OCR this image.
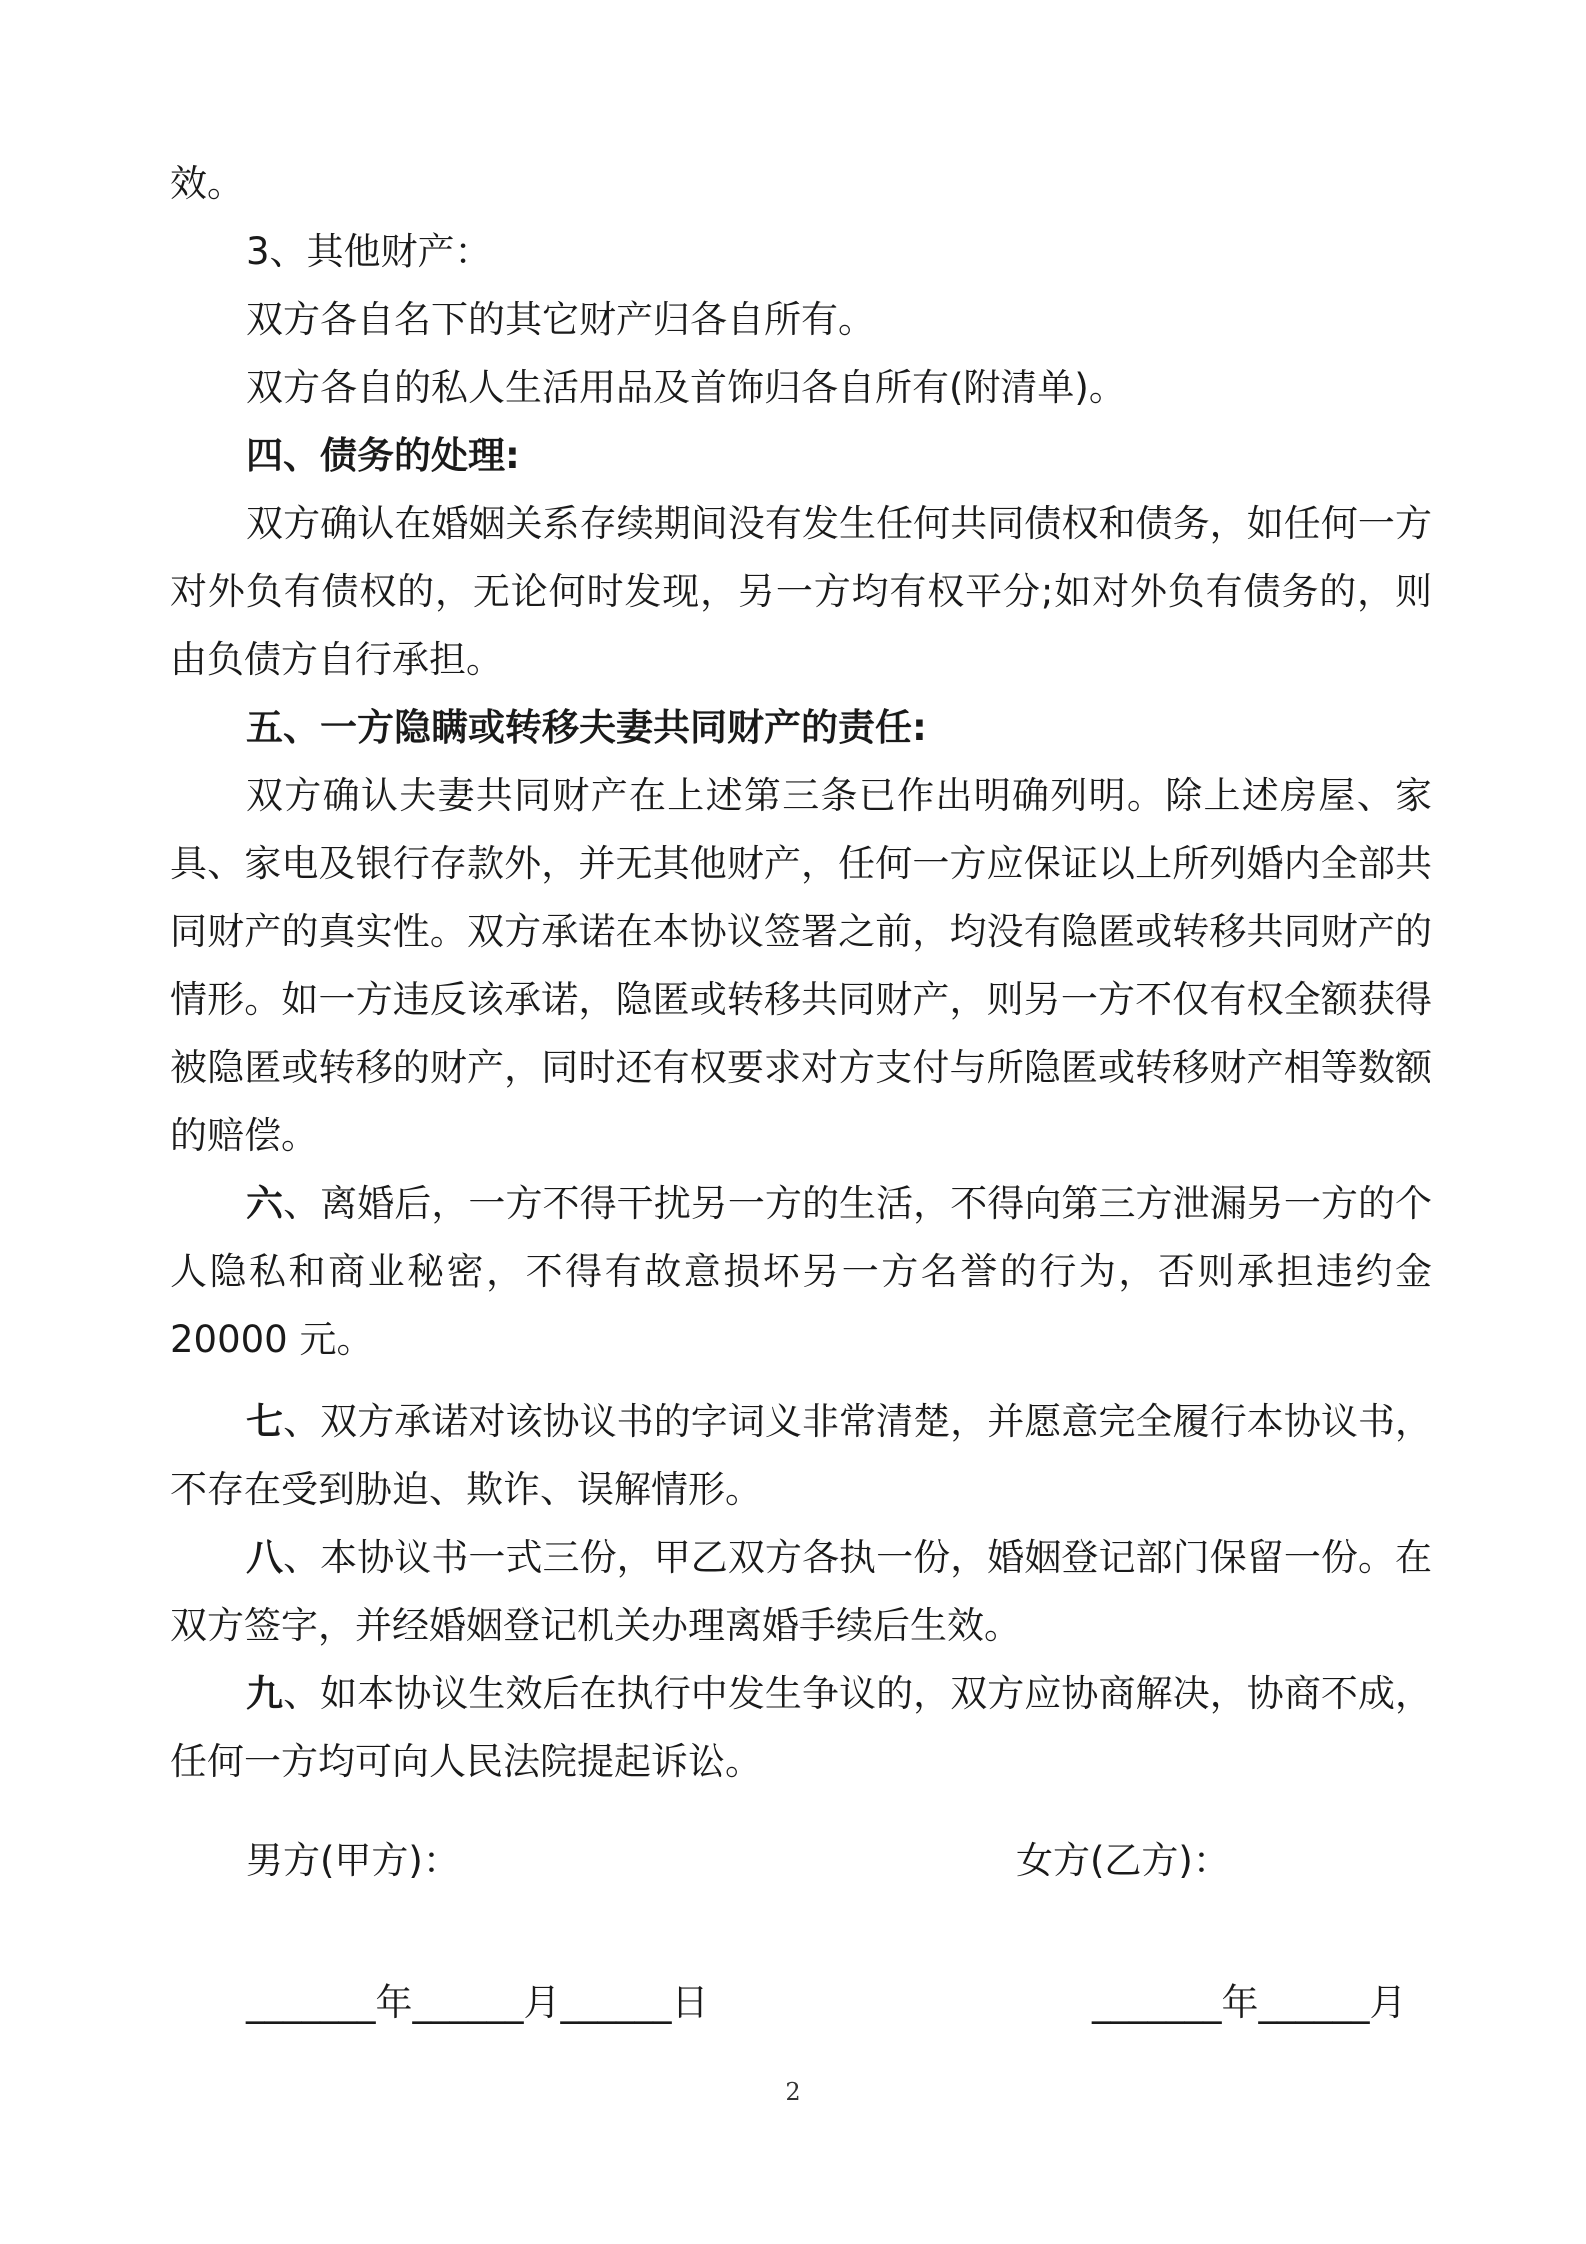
效。

3、其他财产：

双方各自名下的其它财产归各自所有。

双方各自的私人生活用品及首饰归各自所有(附清单)。

四、债务的处理:

双方确认在婚姻关系存续期间没有发生任何共同债权和债务，如任何一方对外负有债权的，无论何时发现，另一方均有权平分;如对外负有债务的，则由负债方自行承担。

五、一方隐瞒或转移夫妻共同财产的责任:

双方确认夫妻共同财产在上述第三条已作出明确列明。除上述房屋、家具、家电及银行存款外，并无其他财产，任何一方应保证以上所列婚内全部共同财产的真实性。双方承诺在本协议签署之前，均没有隐匿或转移共同财产的情形。如一方违反该承诺，隐匿或转移共同财产，则另一方不仅有权全额获得被隐匿或转移的财产，同时还有权要求对方支付与所隐匿或转移财产相等数额的赔偿。

六、离婚后，一方不得干扰另一方的生活，不得向第三方泄漏另一方的个人隐私和商业秘密，不得有故意损坏另一方名誉的行为，否则承担违约金 20000 元。

七、双方承诺对该协议书的字词义非常清楚，并愿意完全履行本协议书，不存在受到胁迫、欺诈、误解情形。

八、本协议书一式三份，甲乙双方各执一份，婚姻登记部门保留一份。在双方签字，并经婚姻登记机关办理离婚手续后生效。

九、如本协议生效后在执行中发生争议的，双方应协商解决，协商不成，任何一方均可向人民法院提起诉讼。

男方(甲方)：	女方(乙方)：
_______年______月______日	_______年______月
2
